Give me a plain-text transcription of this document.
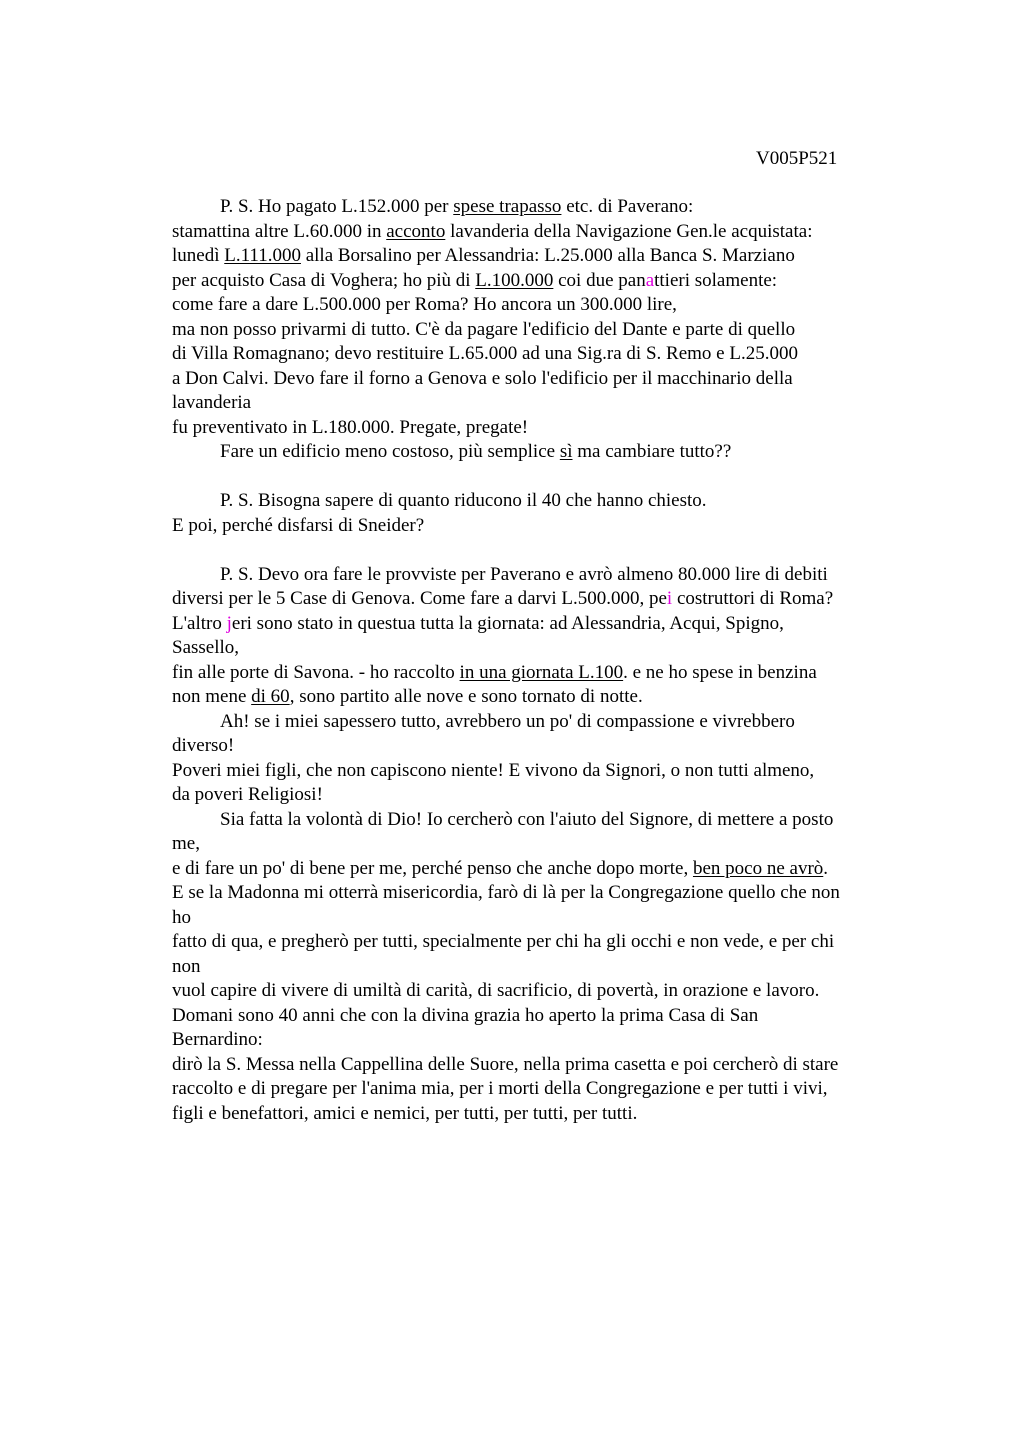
V005P521
P. S. Ho pagato L.152.000 per spese trapasso etc. di Paverano:
stamattina altre L.60.000 in acconto lavanderia della Navigazione Gen.le acquistata:
lunedì L.111.000 alla Borsalino per Alessandria: L.25.000 alla Banca S. Marziano
per acquisto Casa di Voghera; ho più di L.100.000 coi due panattieri solamente:
come fare a dare L.500.000 per Roma? Ho ancora un 300.000 lire,
ma non posso privarmi di tutto. C'è da pagare l'edificio del Dante e parte di quello
di Villa Romagnano; devo restituire L.65.000 ad una Sig.ra di S. Remo e L.25.000
a Don Calvi. Devo fare il forno a Genova e solo l'edificio per il macchinario della
lavanderia
fu preventivato in L.180.000. Pregate, pregate!
Fare un edificio meno costoso, più semplice sì ma cambiare tutto??
P. S. Bisogna sapere di quanto riducono il 40 che hanno chiesto.
E poi, perché disfarsi di Sneider?
P. S. Devo ora fare le provviste per Paverano e avrò almeno 80.000 lire di debiti
diversi per le 5 Case di Genova. Come fare a darvi L.500.000, pei costruttori di Roma?
L'altro jeri sono stato in questua tutta la giornata: ad Alessandria, Acqui, Spigno,
Sassello,
fin alle porte di Savona. - ho raccolto in una giornata L.100. e ne ho spese in benzina
non mene di 60, sono partito alle nove e sono tornato di notte.
Ah! se i miei sapessero tutto, avrebbero un po' di compassione e vivrebbero
diverso!
Poveri miei figli, che non capiscono niente! E vivono da Signori, o non tutti almeno,
da poveri Religiosi!
Sia fatta la volontà di Dio! Io cercherò con l'aiuto del Signore, di mettere a posto
me,
e di fare un po' di bene per me, perché penso che anche dopo morte, ben poco ne avrò.
E se la Madonna mi otterrà misericordia, farò di là per la Congregazione quello che non
ho
fatto di qua, e pregherò per tutti, specialmente per chi ha gli occhi e non vede, e per chi
non
vuol capire di vivere di umiltà di carità, di sacrificio, di povertà, in orazione e lavoro.
Domani sono 40 anni che con la divina grazia ho aperto la prima Casa di San
Bernardino:
dirò la S. Messa nella Cappellina delle Suore, nella prima casetta e poi cercherò di stare
raccolto e di pregare per l'anima mia, per i morti della Congregazione e per tutti i vivi,
figli e benefattori, amici e nemici, per tutti, per tutti, per tutti.
